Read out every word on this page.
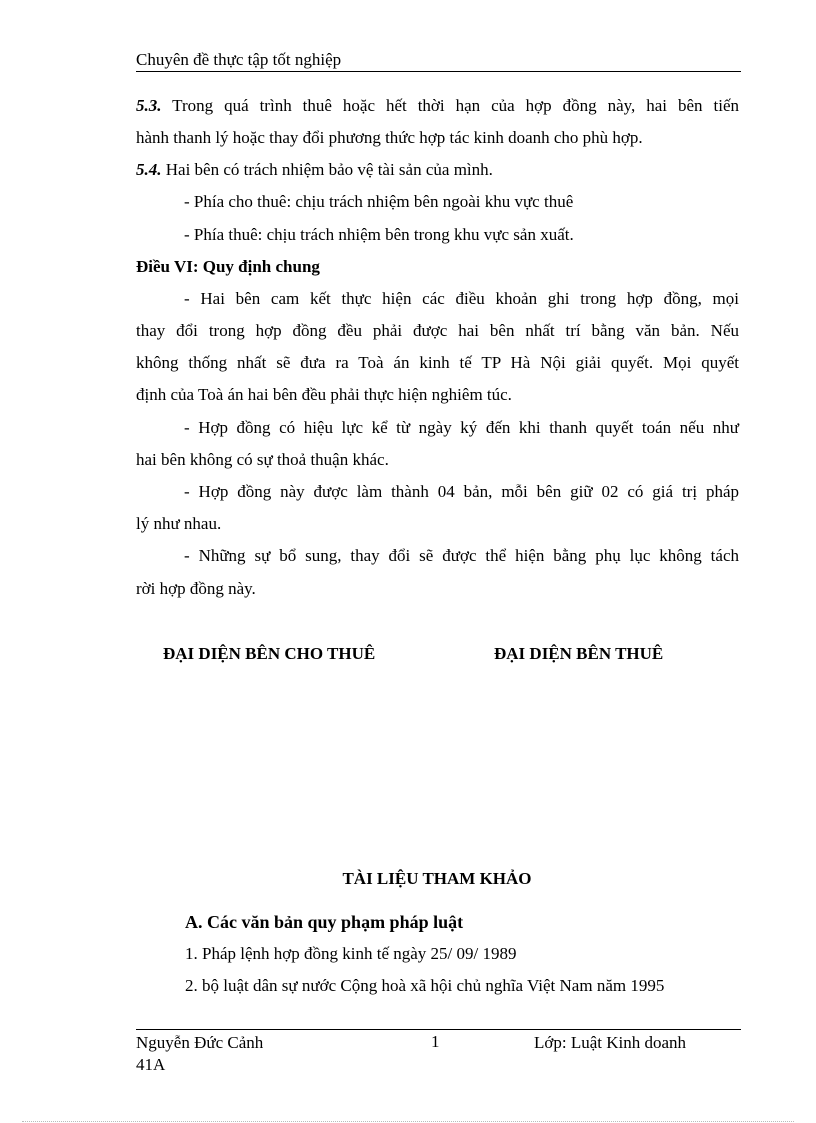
Chuyên đề thực tập tốt nghiệp
5.3. Trong quá trình thuê hoặc hết thời hạn của hợp đồng này, hai bên tiến
hành thanh lý hoặc thay đổi phương thức hợp tác kinh doanh cho phù hợp.
5.4. Hai bên có trách nhiệm bảo vệ tài sản của mình.
- Phía cho thuê: chịu trách nhiệm bên ngoài khu vực thuê
- Phía thuê: chịu trách nhiệm bên trong khu vực sản xuất.
Điều VI: Quy định chung
- Hai bên cam kết thực hiện các điều khoản ghi trong hợp đồng, mọi
thay đổi trong hợp đồng đều phải được hai bên nhất trí bằng văn bản. Nếu
không thống nhất sẽ đưa ra Toà án kinh tế TP Hà Nội giải quyết. Mọi quyết
định của Toà án hai bên đều phải thực hiện nghiêm túc.
- Hợp đồng có hiệu lực kể từ ngày ký đến khi thanh quyết toán nếu như
hai bên không có sự thoả thuận khác.
- Hợp đồng này được làm thành 04 bản, mỗi bên giữ 02 có giá trị pháp
lý như nhau.
- Những sự bổ sung, thay đổi sẽ được thể hiện bằng phụ lục không tách
rời hợp đồng này.
ĐẠI DIỆN BÊN CHO THUÊ	ĐẠI DIỆN BÊN THUÊ
TÀI LIỆU THAM KHẢO
A. Các văn bản quy phạm pháp luật
1. Pháp lệnh hợp đồng kinh tế ngày 25/ 09/ 1989
2. bộ luật dân sự nước Cộng hoà xã hội chủ nghĩa Việt Nam năm 1995
Nguyễn Đức Cảnh
41A
1	Lớp: Luật Kinh doanh
